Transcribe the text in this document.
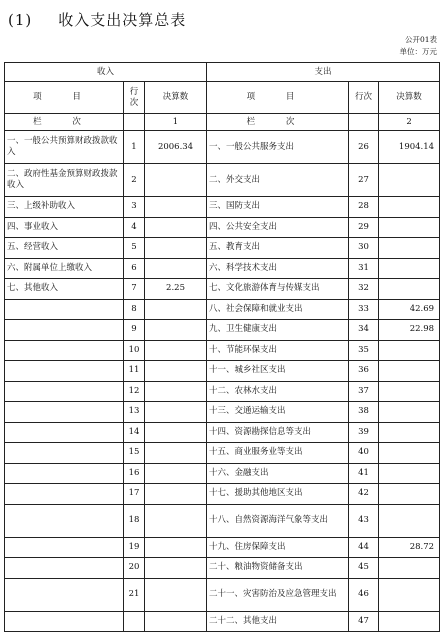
(1) 收入支出决算总表
公开01表
单位：万元
收入			支出		
项 目	行次	决算数	项 目	行次	决算数
栏 次		1	栏 次		2
一、一般公共预算财政拨款收入	1	2006.34	一、一般公共服务支出	26	1904.14
二、政府性基金预算财政拨款收入	2		二、外交支出	27	
三、上级补助收入	3		三、国防支出	28	
四、事业收入	4		四、公共安全支出	29	
五、经营收入	5		五、教育支出	30	
六、附属单位上缴收入	6		六、科学技术支出	31	
七、其他收入	7	2.25	七、文化旅游体育与传媒支出	32	
	8		八、社会保障和就业支出	33	42.69
	9		九、卫生健康支出	34	22.98
	10		十、节能环保支出	35	
	11		十一、城乡社区支出	36	
	12		十二、农林水支出	37	
	13		十三、交通运输支出	38	
	14		十四、资源勘探信息等支出	39	
	15		十五、商业服务业等支出	40	
	16		十六、金融支出	41	
	17		十七、援助其他地区支出	42	
	18		十八、自然资源海洋气象等支出	43	
	19		十九、住房保障支出	44	28.72
	20		二十、粮油物资储备支出	45	
	21		二十一、灾害防治及应急管理支出	46	
			二十二、其他支出	47	
